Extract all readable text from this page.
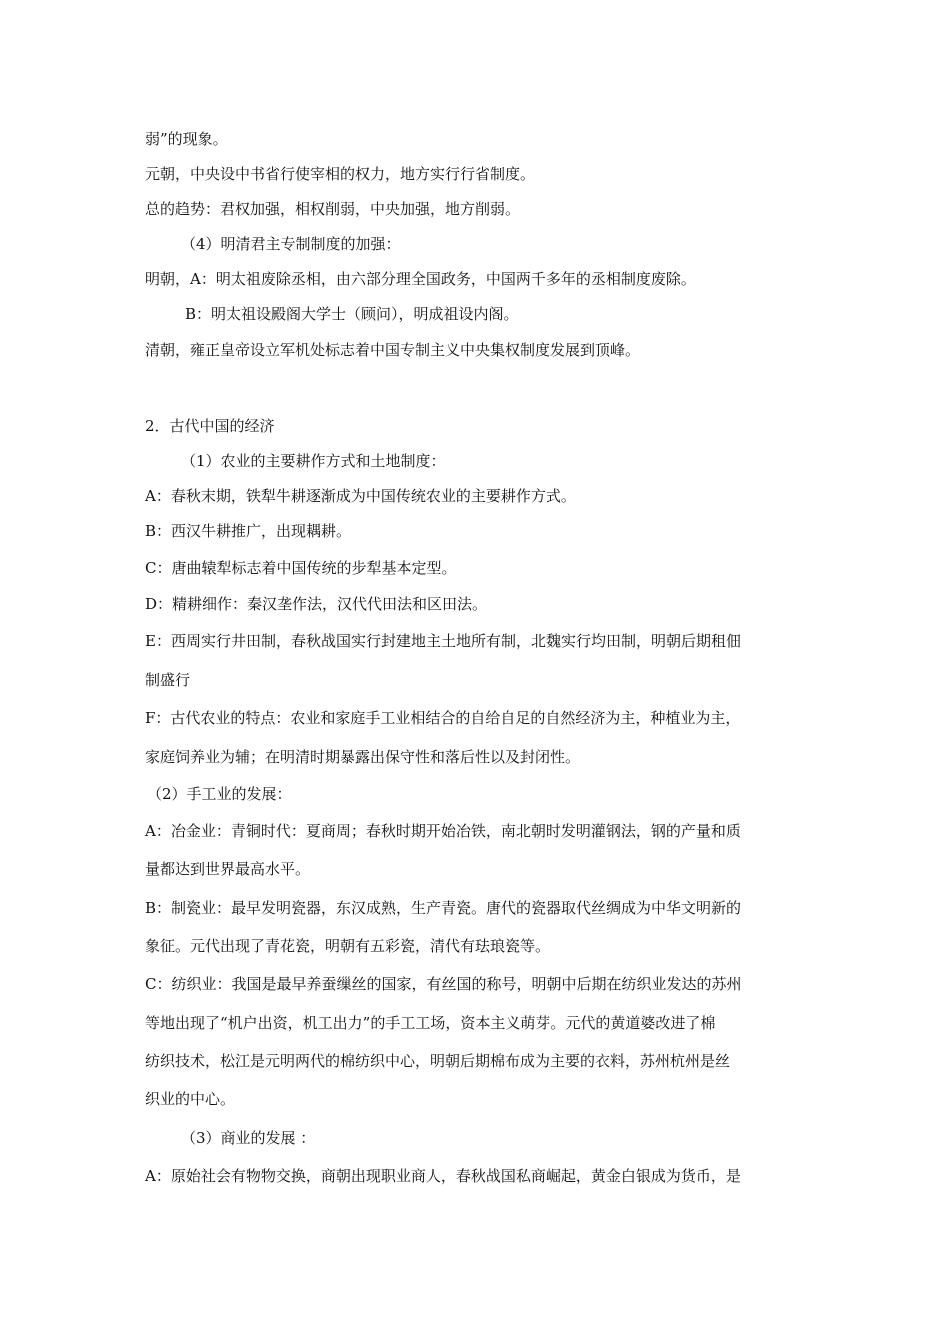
弱”的现象。
元朝，中央设中书省行使宰相的权力，地方实行行省制度。
总的趋势：君权加强，相权削弱，中央加强，地方削弱。
（4）明清君主专制制度的加强：
明朝，A：明太祖废除丞相，由六部分理全国政务，中国两千多年的丞相制度废除。
B：明太祖设殿阁大学士（顾问），明成祖设内阁。
清朝，雍正皇帝设立军机处标志着中国专制主义中央集权制度发展到顶峰。
2．古代中国的经济
（1）农业的主要耕作方式和土地制度：
A：春秋末期，铁犁牛耕逐渐成为中国传统农业的主要耕作方式。
B：西汉牛耕推广，出现耦耕。
C：唐曲辕犁标志着中国传统的步犁基本定型。
D：精耕细作：秦汉垄作法，汉代代田法和区田法。
E：西周实行井田制，春秋战国实行封建地主土地所有制，北魏实行均田制，明朝后期租佃
制盛行
F：古代农业的特点：农业和家庭手工业相结合的自给自足的自然经济为主，种植业为主，
家庭饲养业为辅；在明清时期暴露出保守性和落后性以及封闭性。
（2）手工业的发展：
A：冶金业：青铜时代：夏商周；春秋时期开始冶铁，南北朝时发明灌钢法，钢的产量和质
量都达到世界最高水平。
B：制瓷业：最早发明瓷器，东汉成熟，生产青瓷。唐代的瓷器取代丝绸成为中华文明新的
象征。元代出现了青花瓷，明朝有五彩瓷，清代有珐琅瓷等。
C：纺织业：我国是最早养蚕缫丝的国家，有丝国的称号，明朝中后期在纺织业发达的苏州
等地出现了“机户出资，机工出力”的手工工场，资本主义萌芽。元代的黄道婆改进了棉
纺织技术，松江是元明两代的棉纺织中心，明朝后期棉布成为主要的衣料，苏州杭州是丝
织业的中心。
（3）商业的发展 ：
A：原始社会有物物交换，商朝出现职业商人，春秋战国私商崛起，黄金白银成为货币，是
